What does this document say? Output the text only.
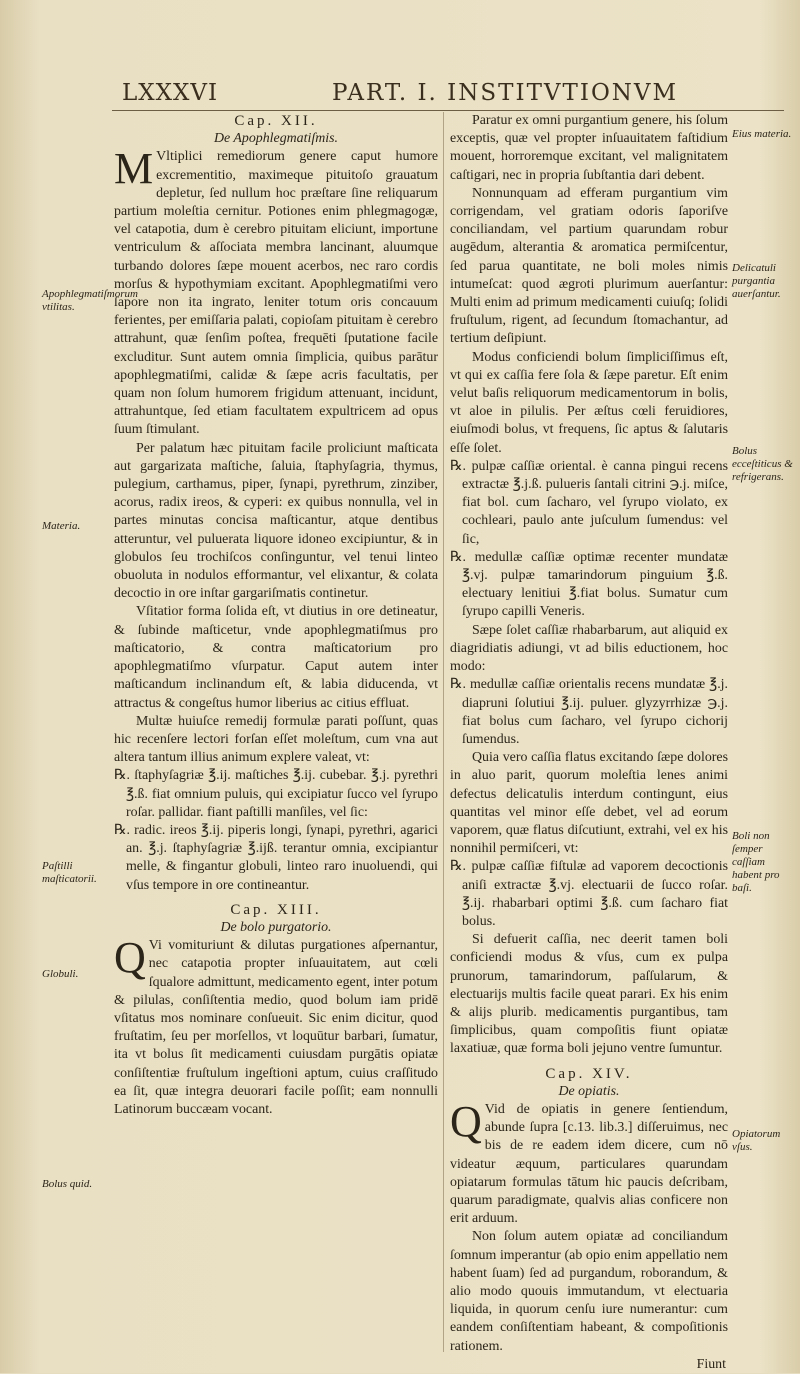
LXXXVI	PART. I. INSTITVTIONVM

Cap. XII.

De Apophlegmatiſmis.

M Vltiplici remediorum genere caput humore excrementitio, maximeque pituitoſo grauatum depletur, ſed nullum hoc præſtare ſine reliquarum partium moleſtia cernitur. Potiones enim phlegmagogæ, vel catapotia, dum è cerebro pituitam eliciunt, importune ventriculum & aſſociata membra lancinant, aluumque turbando dolores ſæpe mouent acerbos, nec raro cordis morſus & hypothymiam excitant. Apophlegmatiſmi vero ſapore non ita ingrato, leniter totum oris concauum ferientes, per emiſſaria palati, copioſam pituitam è cerebro attrahunt, quæ ſenſim poſtea, frequēti ſputatione facile excluditur. Sunt autem omnia ſimplicia, quibus parātur apophlegmatiſmi, calidæ & ſæpe acris facultatis, per quam non ſolum humorem frigidum attenuant, incidunt, attrahuntque, ſed etiam facultatem expultricem ad opus ſuum ſtimulant.

Per palatum hæc pituitam facile proliciunt maſticata aut gargarizata maſtiche, ſaluia, ſtaphyſagria, thymus, pulegium, carthamus, piper, ſynapi, pyrethrum, zinziber, acorus, radix ireos, & cyperi: ex quibus nonnulla, vel in partes minutas concisa maſticantur, atque dentibus atteruntur, vel puluerata liquore idoneo excipiuntur, & in globulos ſeu trochiſcos conſinguntur, vel tenui linteo obuoluta in nodulos efformantur, vel elixantur, & colata decoctio in ore inſtar gargariſmatis continetur.

Vſitatior forma ſolida eſt, vt diutius in ore detineatur, & ſubinde maſticetur, vnde apophlegmatiſmus pro maſticatorio, & contra maſticatorium pro apophlegmatiſmo vſurpatur. Caput autem inter maſticandum inclinandum eſt, & labia diducenda, vt attractus & congeſtus humor liberius ac citius effluat.

Multæ huiuſce remedij formulæ parati poſſunt, quas hic recenſere lectori forſan eſſet moleſtum, cum vna aut altera tantum illius animum explere valeat, vt:

℞. ſtaphyſagriæ ℥.ij. maſtiches ℥.ij. cubebar. ℥.j. pyrethri ℥.ß. fiat omnium puluis, qui excipiatur ſucco vel ſyrupo roſar. pallidar. fiant paſtilli manſiles, vel ſic:

℞. radic. ireos ℥.ij. piperis longi, ſynapi, pyrethri, agarici an. ℥.j. ſtaphyſagriæ ℥.ijß. terantur omnia, excipiantur melle, & fingantur globuli, linteo raro inuoluendi, qui vſus tempore in ore contineantur.

Cap. XIII.

De bolo purgatorio.

Q Vi vomituriunt & dilutas purgationes aſpernantur, nec catapotia propter inſuauitatem, aut cœli ſqualore admittunt, medicamento egent, inter potum & pilulas, conſiſtentia medio, quod bolum iam pridē vſitatus mos nominare conſueuit. Sic enim dicitur, quod fruſtatim, ſeu per morſellos, vt loquūtur barbari, ſumatur, ita vt bolus ſit medicamenti cuiusdam purgātis opiatæ conſiſtentiæ fruſtulum ingeſtioni aptum, cuius craſſitudo ea ſit, quæ integra deuorari facile poſſit; eam nonnulli Latinorum buccæam vocant.

Paratur ex omni purgantium genere, his ſolum exceptis, quæ vel propter inſuauitatem faſtidium mouent, horroremque excitant, vel malignitatem caſtigari, nec in propria ſubſtantia dari debent.

Nonnunquam ad efferam purgantium vim corrigendam, vel gratiam odoris ſaporiſve conciliandam, vel partium quarundam robur augēdum, alterantia & aromatica permiſcentur, ſed parua quantitate, ne boli moles nimis intumeſcat: quod ægroti plurimum auerſantur: Multi enim ad primum medicamenti cuiuſq; ſolidi fruſtulum, rigent, ad ſecundum ſtomachantur, ad tertium deſipiunt.

Modus conficiendi bolum ſimpliciſſimus eſt, vt qui ex caſſia fere ſola & ſæpe paretur. Eſt enim velut baſis reliquorum medicamentorum in bolis, vt aloe in pilulis. Per æſtus cœli feruidiores, eiuſmodi bolus, vt frequens, ſic aptus & ſalutaris eſſe ſolet.

℞. pulpæ caſſiæ oriental. è canna pingui recens extractæ ℥.j.ß. pulueris ſantali citrini ℈.j. miſce, fiat bol. cum ſacharo, vel ſyrupo violato, ex cochleari, paulo ante juſculum ſumendus: vel ſic,

℞. medullæ caſſiæ optimæ recenter mundatæ ℥.vj. pulpæ tamarindorum pinguium ℥.ß. electuary lenitiui ℥.fiat bolus. Sumatur cum ſyrupo capilli Veneris.

Sæpe ſolet caſſiæ rhabarbarum, aut aliquid ex diagridiatis adiungi, vt ad bilis eductionem, hoc modo:

℞. medullæ caſſiæ orientalis recens mundatæ ℥.j. diapruni ſolutiui ℥.ij. puluer. glyzyrrhizæ ℈.j. fiat bolus cum ſacharo, vel ſyrupo cichorij ſumendus.

Quia vero caſſia flatus excitando ſæpe dolores in aluo parit, quorum moleſtia lenes animi defectus delicatulis interdum contingunt, eius quantitas vel minor eſſe debet, vel ad eorum vaporem, quæ flatus diſcutiunt, extrahi, vel ex his nonnihil permiſceri, vt:

℞. pulpæ caſſiæ fiſtulæ ad vaporem decoctionis aniſi extractæ ℥.vj. electuarii de ſucco roſar. ℥.ij. rhabarbari optimi ℥.ß. cum ſacharo fiat bolus.

Si defuerit caſſia, nec deerit tamen boli conficiendi modus & vſus, cum ex pulpa prunorum, tamarindorum, paſſularum, & electuarijs multis facile queat parari. Ex his enim & alijs plurib. medicamentis purgantibus, tam ſimplicibus, quam compoſitis fiunt opiatæ laxatiuæ, quæ forma boli jejuno ventre ſumuntur.

Cap. XIV.

De opiatis.

Q Vid de opiatis in genere ſentiendum, abunde ſupra [c.13. lib.3.] diſſeruimus, nec bis de re eadem idem dicere, cum nō videatur æquum, particulares quarundam opiatarum formulas tātum hic paucis deſcribam, quarum paradigmate, qualvis alias conficere non erit arduum.

Non ſolum autem opiatæ ad conciliandum ſomnum imperantur (ab opio enim appellatio nem habent ſuam) ſed ad purgandum, roborandum, & alio modo quouis immutandum, vt electuaria liquida, in quorum cenſu iure numerantur: cum eandem conſiſtentiam habeant, & compoſitionis rationem.

Fiunt

Apophlegmatiſmorum vtilitas.
Materia.
Paſtilli maſticatorii.
Globuli.
Bolus quid.
Eius materia.
Delicatuli purgantia auerſantur.
Bolus ecceſtiticus & refrigerans.
Boli non ſemper caſſiam habent pro baſi.
Opiatorum vſus.
